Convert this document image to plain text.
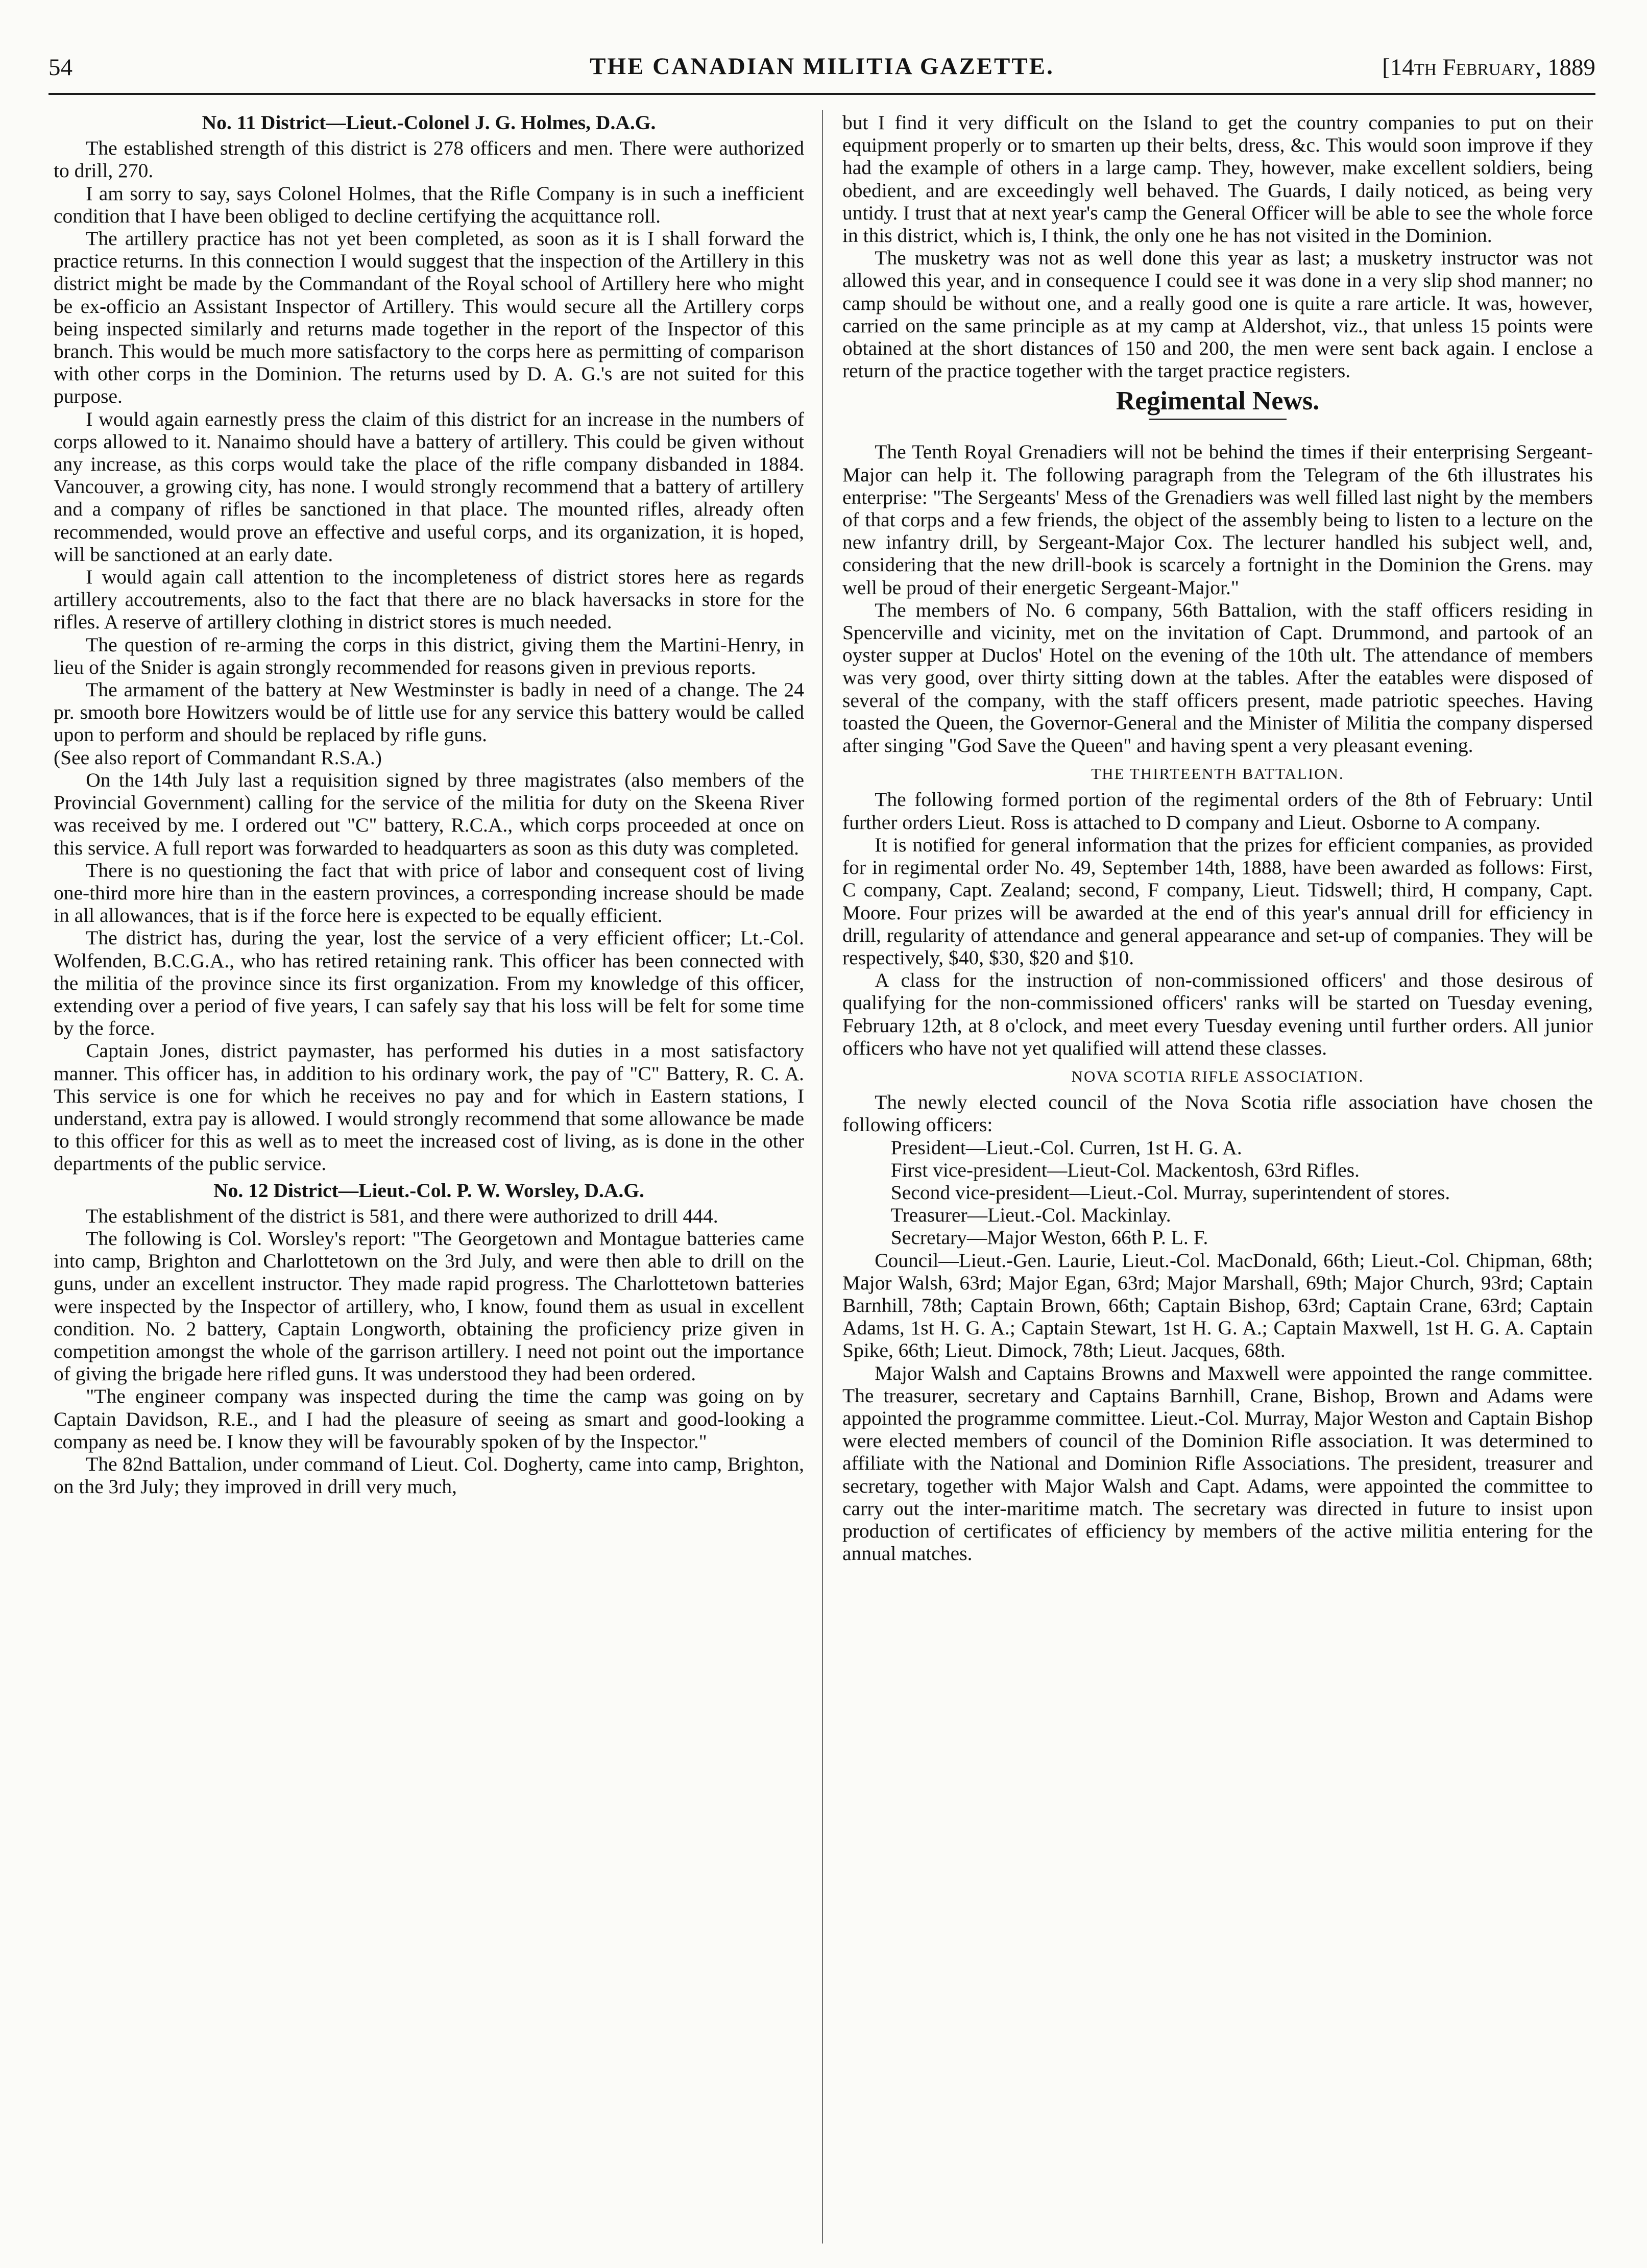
54	THE CANADIAN MILITIA GAZETTE.	[14th February, 1889
No. 11 District—Lieut.-Colonel J. G. Holmes, D.A.G.

The established strength of this district is 278 officers and men. There were authorized to drill, 270.

I am sorry to say, says Colonel Holmes, that the Rifle Company is in such a inefficient condition that I have been obliged to decline certifying the acquittance roll.

The artillery practice has not yet been completed, as soon as it is I shall forward the practice returns. In this connection I would suggest that the inspection of the Artillery in this district might be made by the Commandant of the Royal school of Artillery here who might be ex-officio an Assistant Inspector of Artillery. This would secure all the Artillery corps being inspected similarly and returns made together in the report of the Inspector of this branch. This would be much more satisfactory to the corps here as permitting of comparison with other corps in the Dominion. The returns used by D. A. G.'s are not suited for this purpose.

I would again earnestly press the claim of this district for an increase in the numbers of corps allowed to it. Nanaimo should have a battery of artillery. This could be given without any increase, as this corps would take the place of the rifle company disbanded in 1884. Vancouver, a growing city, has none. I would strongly recommend that a battery of artillery and a company of rifles be sanctioned in that place. The mounted rifles, already often recommended, would prove an effective and useful corps, and its organization, it is hoped, will be sanctioned at an early date.

I would again call attention to the incompleteness of district stores here as regards artillery accoutrements, also to the fact that there are no black haversacks in store for the rifles. A reserve of artillery clothing in district stores is much needed.

The question of re-arming the corps in this district, giving them the Martini-Henry, in lieu of the Snider is again strongly recommended for reasons given in previous reports.

The armament of the battery at New Westminster is badly in need of a change. The 24 pr. smooth bore Howitzers would be of little use for any service this battery would be called upon to perform and should be replaced by rifle guns.

(See also report of Commandant R.S.A.)

On the 14th July last a requisition signed by three magistrates (also members of the Provincial Government) calling for the service of the militia for duty on the Skeena River was received by me. I ordered out "C" battery, R.C.A., which corps proceeded at once on this service. A full report was forwarded to headquarters as soon as this duty was completed.

There is no questioning the fact that with price of labor and consequent cost of living one-third more hire than in the eastern provinces, a corresponding increase should be made in all allowances, that is if the force here is expected to be equally efficient.

The district has, during the year, lost the service of a very efficient officer; Lt.-Col. Wolfenden, B.C.G.A., who has retired retaining rank. This officer has been connected with the militia of the province since its first organization. From my knowledge of this officer, extending over a period of five years, I can safely say that his loss will be felt for some time by the force.

Captain Jones, district paymaster, has performed his duties in a most satisfactory manner. This officer has, in addition to his ordinary work, the pay of "C" Battery, R. C. A. This service is one for which he receives no pay and for which in Eastern stations, I understand, extra pay is allowed. I would strongly recommend that some allowance be made to this officer for this as well as to meet the increased cost of living, as is done in the other departments of the public service.

No. 12 District—Lieut.-Col. P. W. Worsley, D.A.G.

The establishment of the district is 581, and there were authorized to drill 444.

The following is Col. Worsley's report: "The Georgetown and Montague batteries came into camp, Brighton and Charlottetown on the 3rd July, and were then able to drill on the guns, under an excellent instructor. They made rapid progress. The Charlottetown batteries were inspected by the Inspector of artillery, who, I know, found them as usual in excellent condition. No. 2 battery, Captain Longworth, obtaining the proficiency prize given in competition amongst the whole of the garrison artillery. I need not point out the importance of giving the brigade here rifled guns. It was understood they had been ordered.

"The engineer company was inspected during the time the camp was going on by Captain Davidson, R.E., and I had the pleasure of seeing as smart and good-looking a company as need be. I know they will be favourably spoken of by the Inspector."

The 82nd Battalion, under command of Lieut. Col. Dogherty, came into camp, Brighton, on the 3rd July; they improved in drill very much,

but I find it very difficult on the Island to get the country companies to put on their equipment properly or to smarten up their belts, dress, &c. This would soon improve if they had the example of others in a large camp. They, however, make excellent soldiers, being obedient, and are exceedingly well behaved. The Guards, I daily noticed, as being very untidy. I trust that at next year's camp the General Officer will be able to see the whole force in this district, which is, I think, the only one he has not visited in the Dominion.

The musketry was not as well done this year as last; a musketry instructor was not allowed this year, and in consequence I could see it was done in a very slip shod manner; no camp should be without one, and a really good one is quite a rare article. It was, however, carried on the same principle as at my camp at Aldershot, viz., that unless 15 points were obtained at the short distances of 150 and 200, the men were sent back again. I enclose a return of the practice together with the target practice registers.

Regimental News.

The Tenth Royal Grenadiers will not be behind the times if their enterprising Sergeant-Major can help it. The following paragraph from the Telegram of the 6th illustrates his enterprise: "The Sergeants' Mess of the Grenadiers was well filled last night by the members of that corps and a few friends, the object of the assembly being to listen to a lecture on the new infantry drill, by Sergeant-Major Cox. The lecturer handled his subject well, and, considering that the new drill-book is scarcely a fortnight in the Dominion the Grens. may well be proud of their energetic Sergeant-Major."

The members of No. 6 company, 56th Battalion, with the staff officers residing in Spencerville and vicinity, met on the invitation of Capt. Drummond, and partook of an oyster supper at Duclos' Hotel on the evening of the 10th ult. The attendance of members was very good, over thirty sitting down at the tables. After the eatables were disposed of several of the company, with the staff officers present, made patriotic speeches. Having toasted the Queen, the Governor-General and the Minister of Militia the company dispersed after singing "God Save the Queen" and having spent a very pleasant evening.

THE THIRTEENTH BATTALION.

The following formed portion of the regimental orders of the 8th of February: Until further orders Lieut. Ross is attached to D company and Lieut. Osborne to A company.

It is notified for general information that the prizes for efficient companies, as provided for in regimental order No. 49, September 14th, 1888, have been awarded as follows: First, C company, Capt. Zealand; second, F company, Lieut. Tidswell; third, H company, Capt. Moore. Four prizes will be awarded at the end of this year's annual drill for efficiency in drill, regularity of attendance and general appearance and set-up of companies. They will be respectively, $40, $30, $20 and $10.

A class for the instruction of non-commissioned officers' and those desirous of qualifying for the non-commissioned officers' ranks will be started on Tuesday evening, February 12th, at 8 o'clock, and meet every Tuesday evening until further orders. All junior officers who have not yet qualified will attend these classes.

NOVA SCOTIA RIFLE ASSOCIATION.

The newly elected council of the Nova Scotia rifle association have chosen the following officers:

President—Lieut.-Col. Curren, 1st H. G. A.

First vice-president—Lieut-Col. Mackentosh, 63rd Rifles.

Second vice-president—Lieut.-Col. Murray, superintendent of stores.

Treasurer—Lieut.-Col. Mackinlay.

Secretary—Major Weston, 66th P. L. F.

Council—Lieut.-Gen. Laurie, Lieut.-Col. MacDonald, 66th; Lieut.-Col. Chipman, 68th; Major Walsh, 63rd; Major Egan, 63rd; Major Marshall, 69th; Major Church, 93rd; Captain Barnhill, 78th; Captain Brown, 66th; Captain Bishop, 63rd; Captain Crane, 63rd; Captain Adams, 1st H. G. A.; Captain Stewart, 1st H. G. A.; Captain Maxwell, 1st H. G. A. Captain Spike, 66th; Lieut. Dimock, 78th; Lieut. Jacques, 68th.

Major Walsh and Captains Browns and Maxwell were appointed the range committee. The treasurer, secretary and Captains Barnhill, Crane, Bishop, Brown and Adams were appointed the programme committee. Lieut.-Col. Murray, Major Weston and Captain Bishop were elected members of council of the Dominion Rifle association. It was determined to affiliate with the National and Dominion Rifle Associations. The president, treasurer and secretary, together with Major Walsh and Capt. Adams, were appointed the committee to carry out the inter-maritime match. The secretary was directed in future to insist upon production of certificates of efficiency by members of the active militia entering for the annual matches.
